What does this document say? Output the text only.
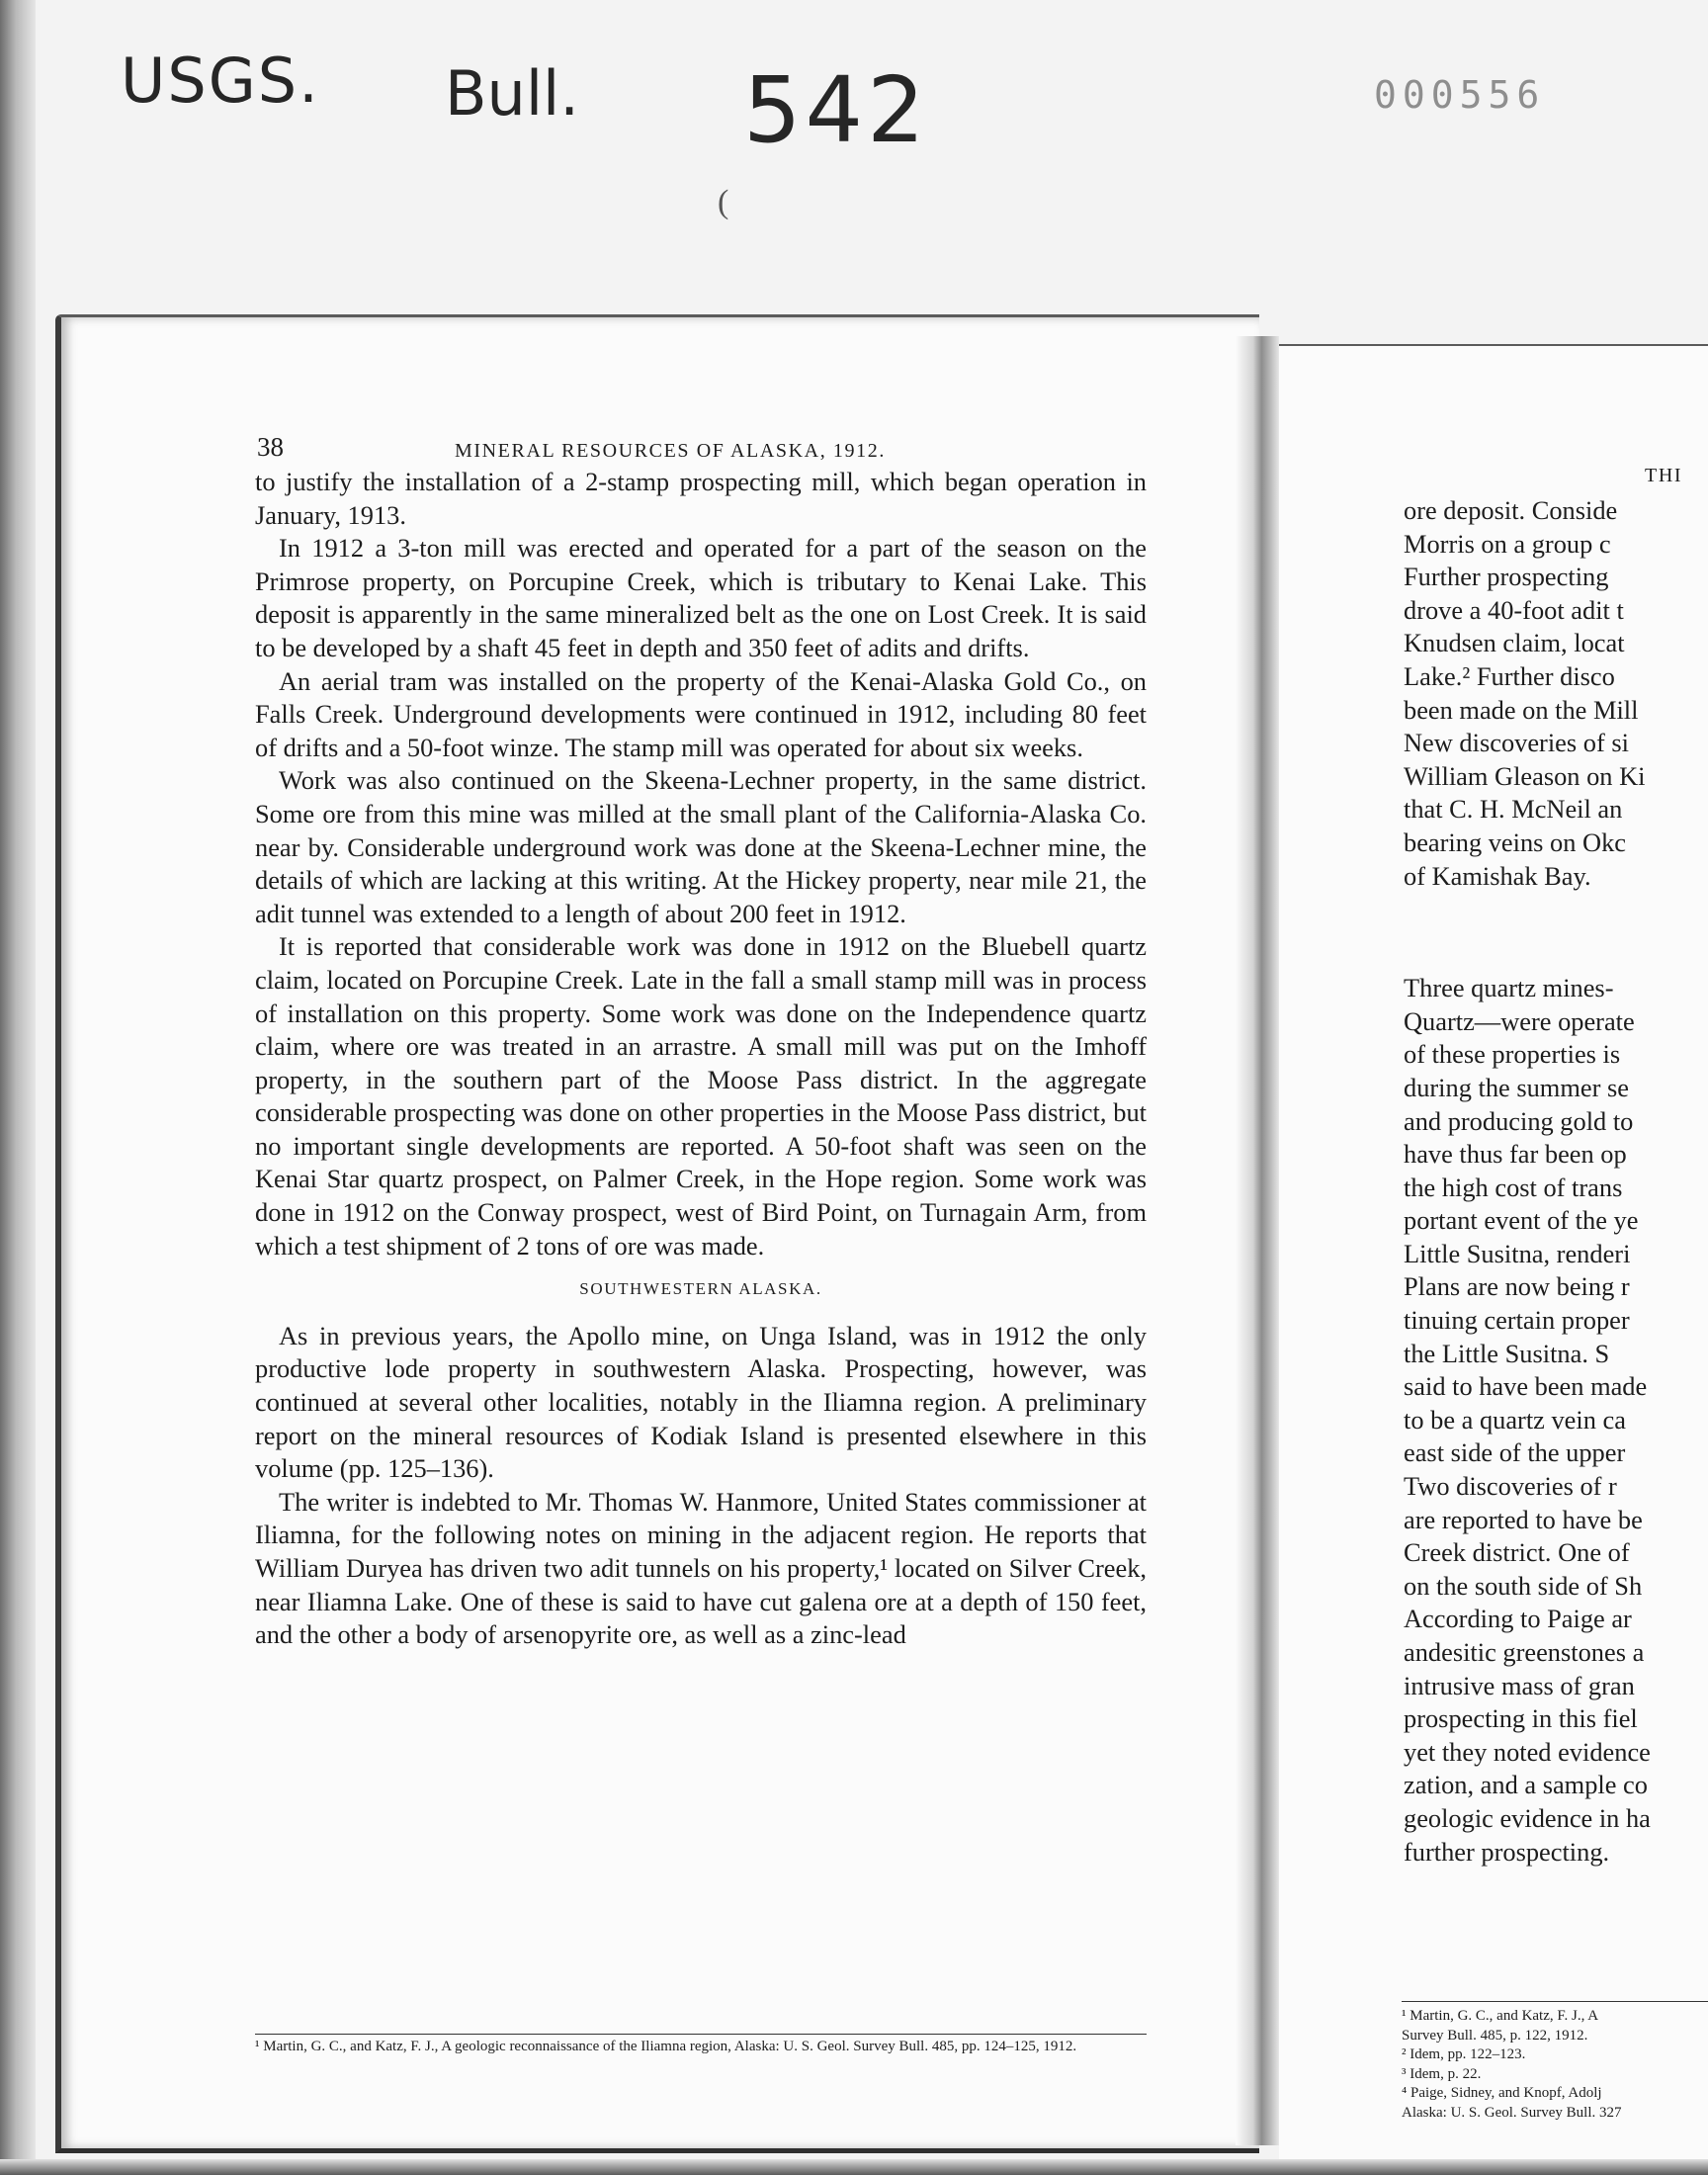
USGS. Bull. 542	000556
(
38	MINERAL RESOURCES OF ALASKA, 1912.

to justify the installation of a 2-stamp prospecting mill, which began operation in January, 1913.

In 1912 a 3-ton mill was erected and operated for a part of the season on the Primrose property, on Porcupine Creek, which is tributary to Kenai Lake. This deposit is apparently in the same mineralized belt as the one on Lost Creek. It is said to be developed by a shaft 45 feet in depth and 350 feet of adits and drifts.

An aerial tram was installed on the property of the Kenai-Alaska Gold Co., on Falls Creek. Underground developments were continued in 1912, including 80 feet of drifts and a 50-foot winze. The stamp mill was operated for about six weeks.

Work was also continued on the Skeena-Lechner property, in the same district. Some ore from this mine was milled at the small plant of the California-Alaska Co. near by. Considerable underground work was done at the Skeena-Lechner mine, the details of which are lacking at this writing. At the Hickey property, near mile 21, the adit tunnel was extended to a length of about 200 feet in 1912.

It is reported that considerable work was done in 1912 on the Bluebell quartz claim, located on Porcupine Creek. Late in the fall a small stamp mill was in process of installation on this property. Some work was done on the Independence quartz claim, where ore was treated in an arrastre. A small mill was put on the Imhoff property, in the southern part of the Moose Pass district. In the aggregate considerable prospecting was done on other properties in the Moose Pass district, but no important single developments are reported. A 50-foot shaft was seen on the Kenai Star quartz prospect, on Palmer Creek, in the Hope region. Some work was done in 1912 on the Conway prospect, west of Bird Point, on Turnagain Arm, from which a test shipment of 2 tons of ore was made.

SOUTHWESTERN ALASKA.

As in previous years, the Apollo mine, on Unga Island, was in 1912 the only productive lode property in southwestern Alaska. Prospecting, however, was continued at several other localities, notably in the Iliamna region. A preliminary report on the mineral resources of Kodiak Island is presented elsewhere in this volume (pp. 125–136).

The writer is indebted to Mr. Thomas W. Hanmore, United States commissioner at Iliamna, for the following notes on mining in the adjacent region. He reports that William Duryea has driven two adit tunnels on his property,¹ located on Silver Creek, near Iliamna Lake. One of these is said to have cut galena ore at a depth of 150 feet, and the other a body of arsenopyrite ore, as well as a zinc-lead

¹ Martin, G. C., and Katz, F. J., A geologic reconnaissance of the Iliamna region, Alaska: U. S. Geol. Survey Bull. 485, pp. 124–125, 1912.
THI
ore deposit. Conside
Morris on a group c
Further prospecting
drove a 40-foot adit t
Knudsen claim, locat
Lake.² Further disco
been made on the Mill
New discoveries of si
William Gleason on Ki
that C. H. McNeil an
bearing veins on Okc
of Kamishak Bay.
Three quartz mines-
Quartz—were operate
of these properties is
during the summer se
and producing gold to
have thus far been op
the high cost of trans
portant event of the ye
Little Susitna, renderi
Plans are now being r
tinuing certain proper
the Little Susitna. S
said to have been made
to be a quartz vein ca
east side of the upper
Two discoveries of r
are reported to have be
Creek district. One of
on the south side of Sh
According to Paige ar
andesitic greenstones a
intrusive mass of gran
prospecting in this fiel
yet they noted evidence
zation, and a sample co
geologic evidence in ha
further prospecting.
¹ Martin, G. C., and Katz, F. J., A
Survey Bull. 485, p. 122, 1912.
² Idem, pp. 122–123.
³ Idem, p. 22.
⁴ Paige, Sidney, and Knopf, Adolj
Alaska: U. S. Geol. Survey Bull. 327
